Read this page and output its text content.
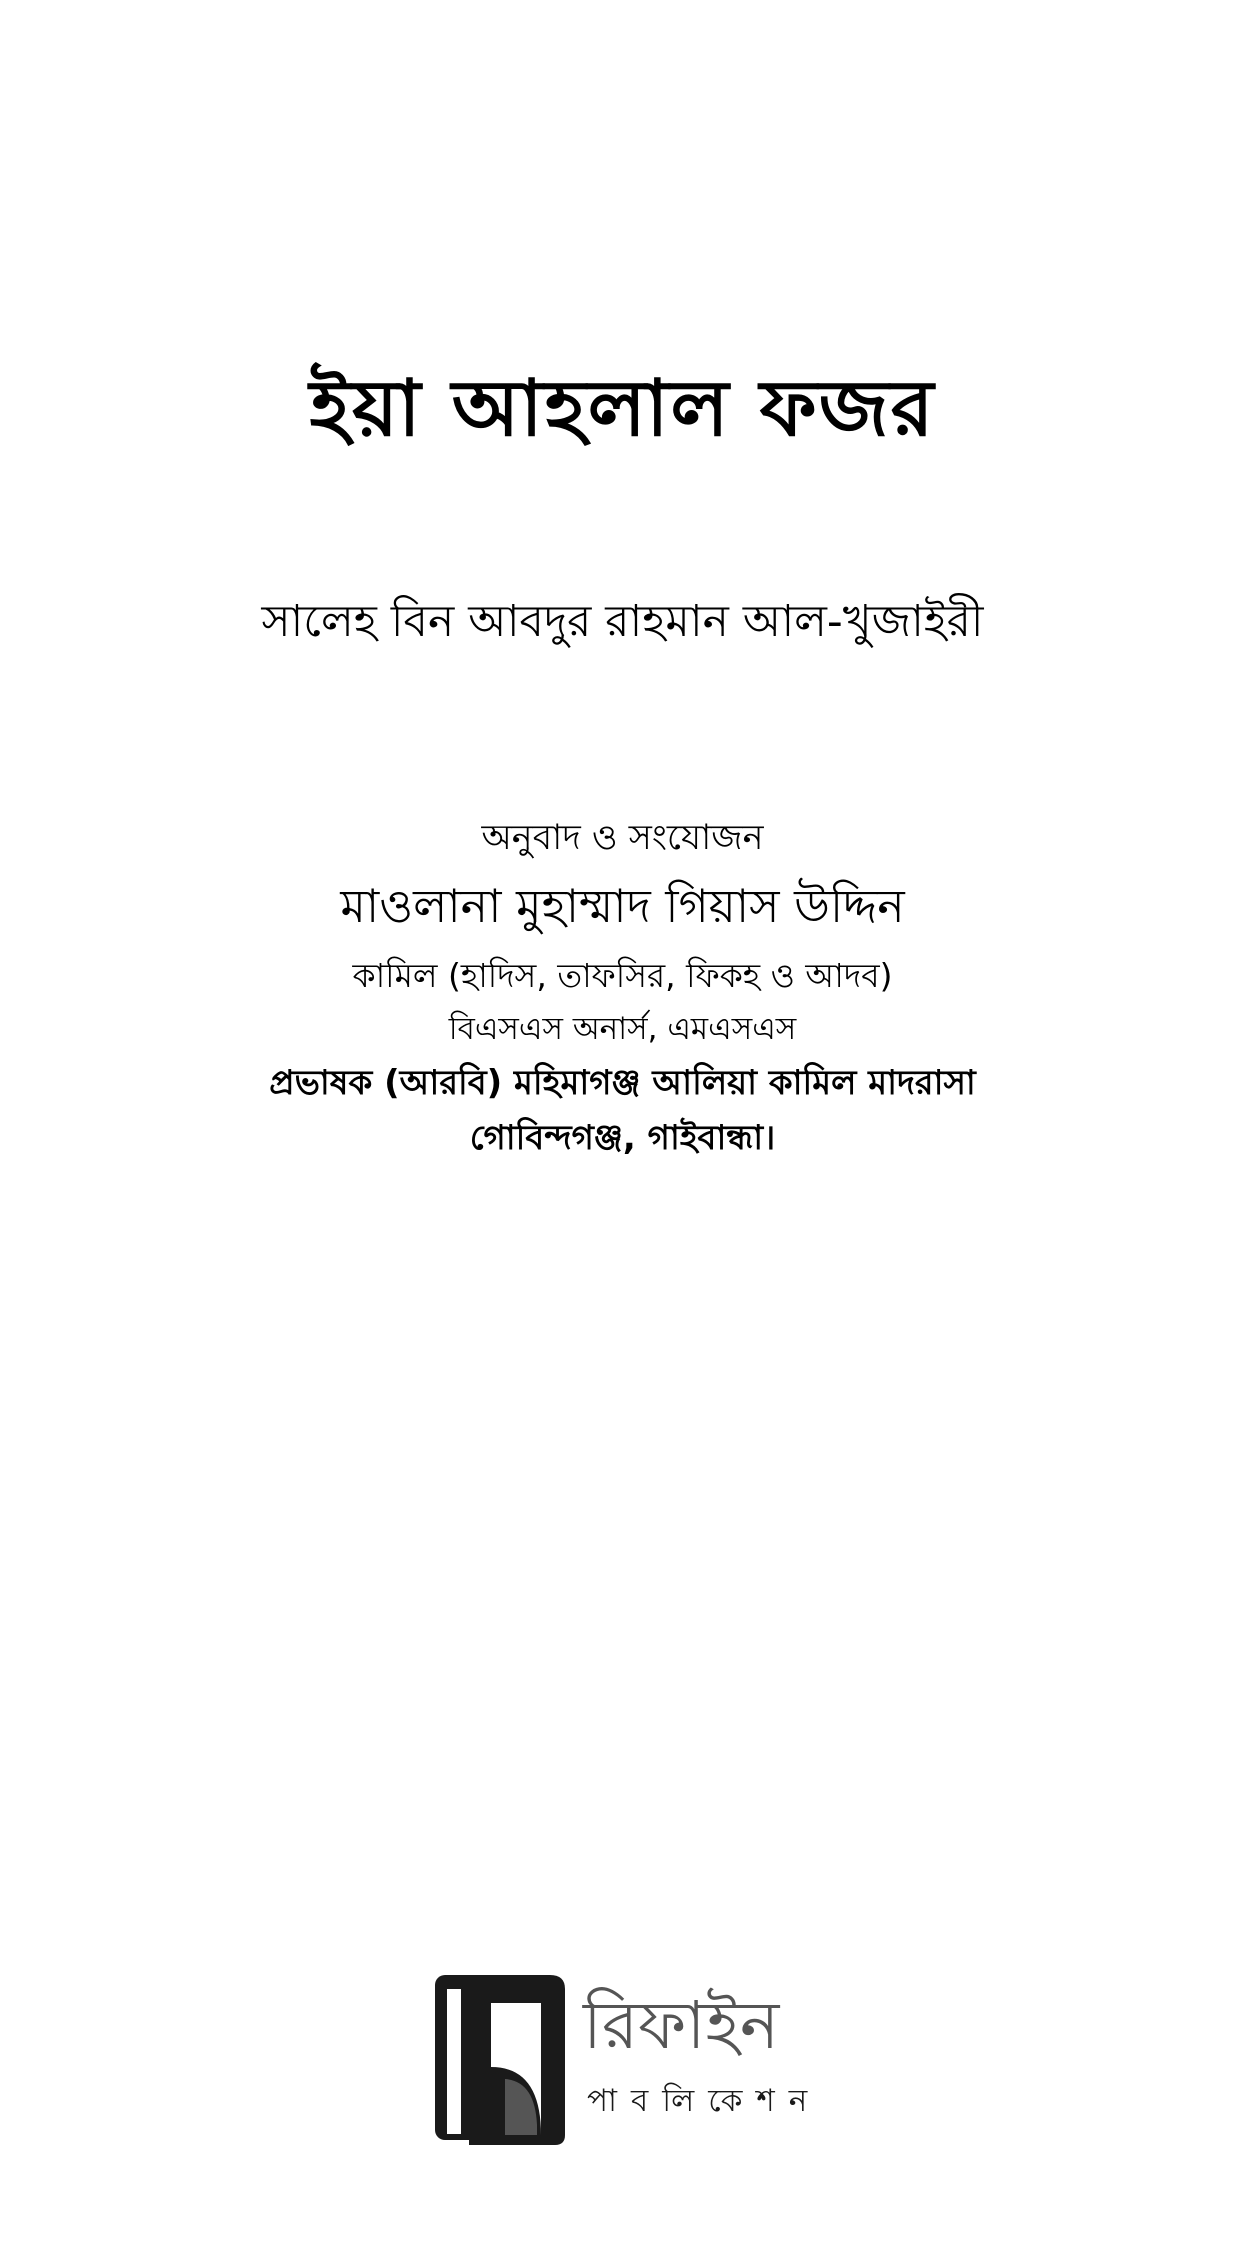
ইয়া আহলাল ফজর
সালেহ বিন আবদুর রাহমান আল-খুজাইরী
অনুবাদ ও সংযোজন
মাওলানা মুহাম্মাদ গিয়াস উদ্দিন
কামিল (হাদিস, তাফসির, ফিকহ ও আদব)
বিএসএস অনার্স, এমএসএস
প্রভাষক (আরবি) মহিমাগঞ্জ আলিয়া কামিল মাদরাসা
গোবিন্দগঞ্জ, গাইবান্ধা।
রিফাইন
পাবলিকেশন
